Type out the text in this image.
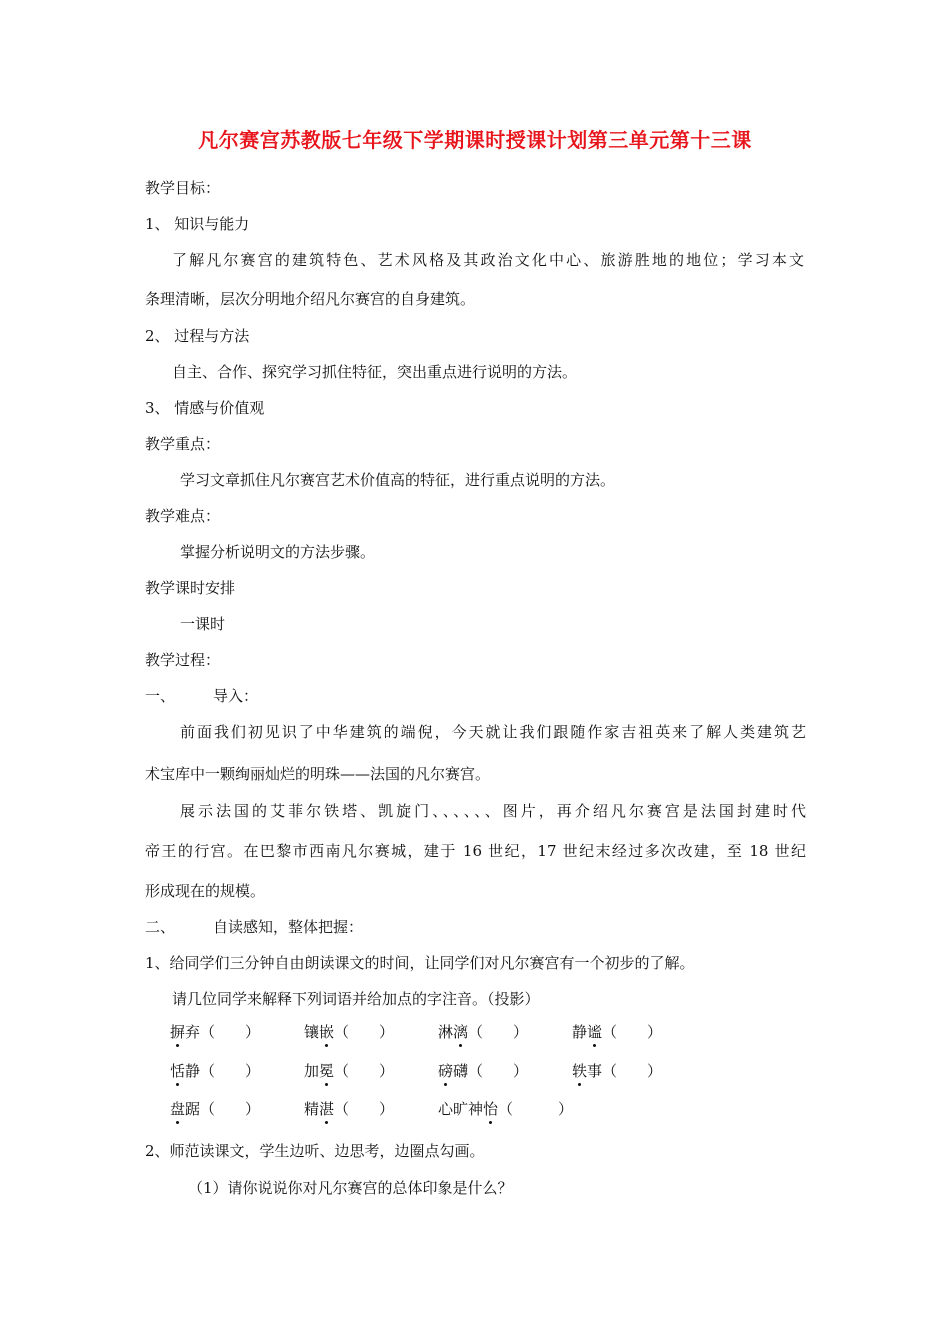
凡尔赛宫苏教版七年级下学期课时授课计划第三单元第十三课
教学目标：
1、 知识与能力
了解凡尔赛宫的建筑特色、艺术风格及其政治文化中心、旅游胜地的地位；学习本文
条理清晰，层次分明地介绍凡尔赛宫的自身建筑。
2、 过程与方法
自主、合作、探究学习抓住特征，突出重点进行说明的方法。
3、 情感与价值观
教学重点：
学习文章抓住凡尔赛宫艺术价值高的特征，进行重点说明的方法。
教学难点：
掌握分析说明文的方法步骤。
教学课时安排
一课时
教学过程：
一、	导入：
前面我们初见识了中华建筑的端倪，今天就让我们跟随作家吉祖英来了解人类建筑艺
术宝库中一颗绚丽灿烂的明珠——法国的凡尔赛宫。
展示法国的艾菲尔铁塔、凯旋门、、、、、、图片，再介绍凡尔赛宫是法国封建时代
帝王的行宫。在巴黎市西南凡尔赛城，建于 16 世纪，17 世纪末经过多次改建，至 18 世纪
形成现在的规模。
二、	自读感知，整体把握：
1、给同学们三分钟自由朗读课文的时间，让同学们对凡尔赛宫有一个初步的了解。
请几位同学来解释下列词语并给加点的字注音。（投影）
摒弃（　　）	镶嵌（　　）	淋漓（　　）	静谧（　　）
恬静（　　）	加冕（　　）	磅礴（　　）	轶事（　　）
盘踞（　　）	精湛（　　）	心旷神怡（　　　）
2、师范读课文，学生边听、边思考，边圈点勾画。
（1）请你说说你对凡尔赛宫的总体印象是什么？
